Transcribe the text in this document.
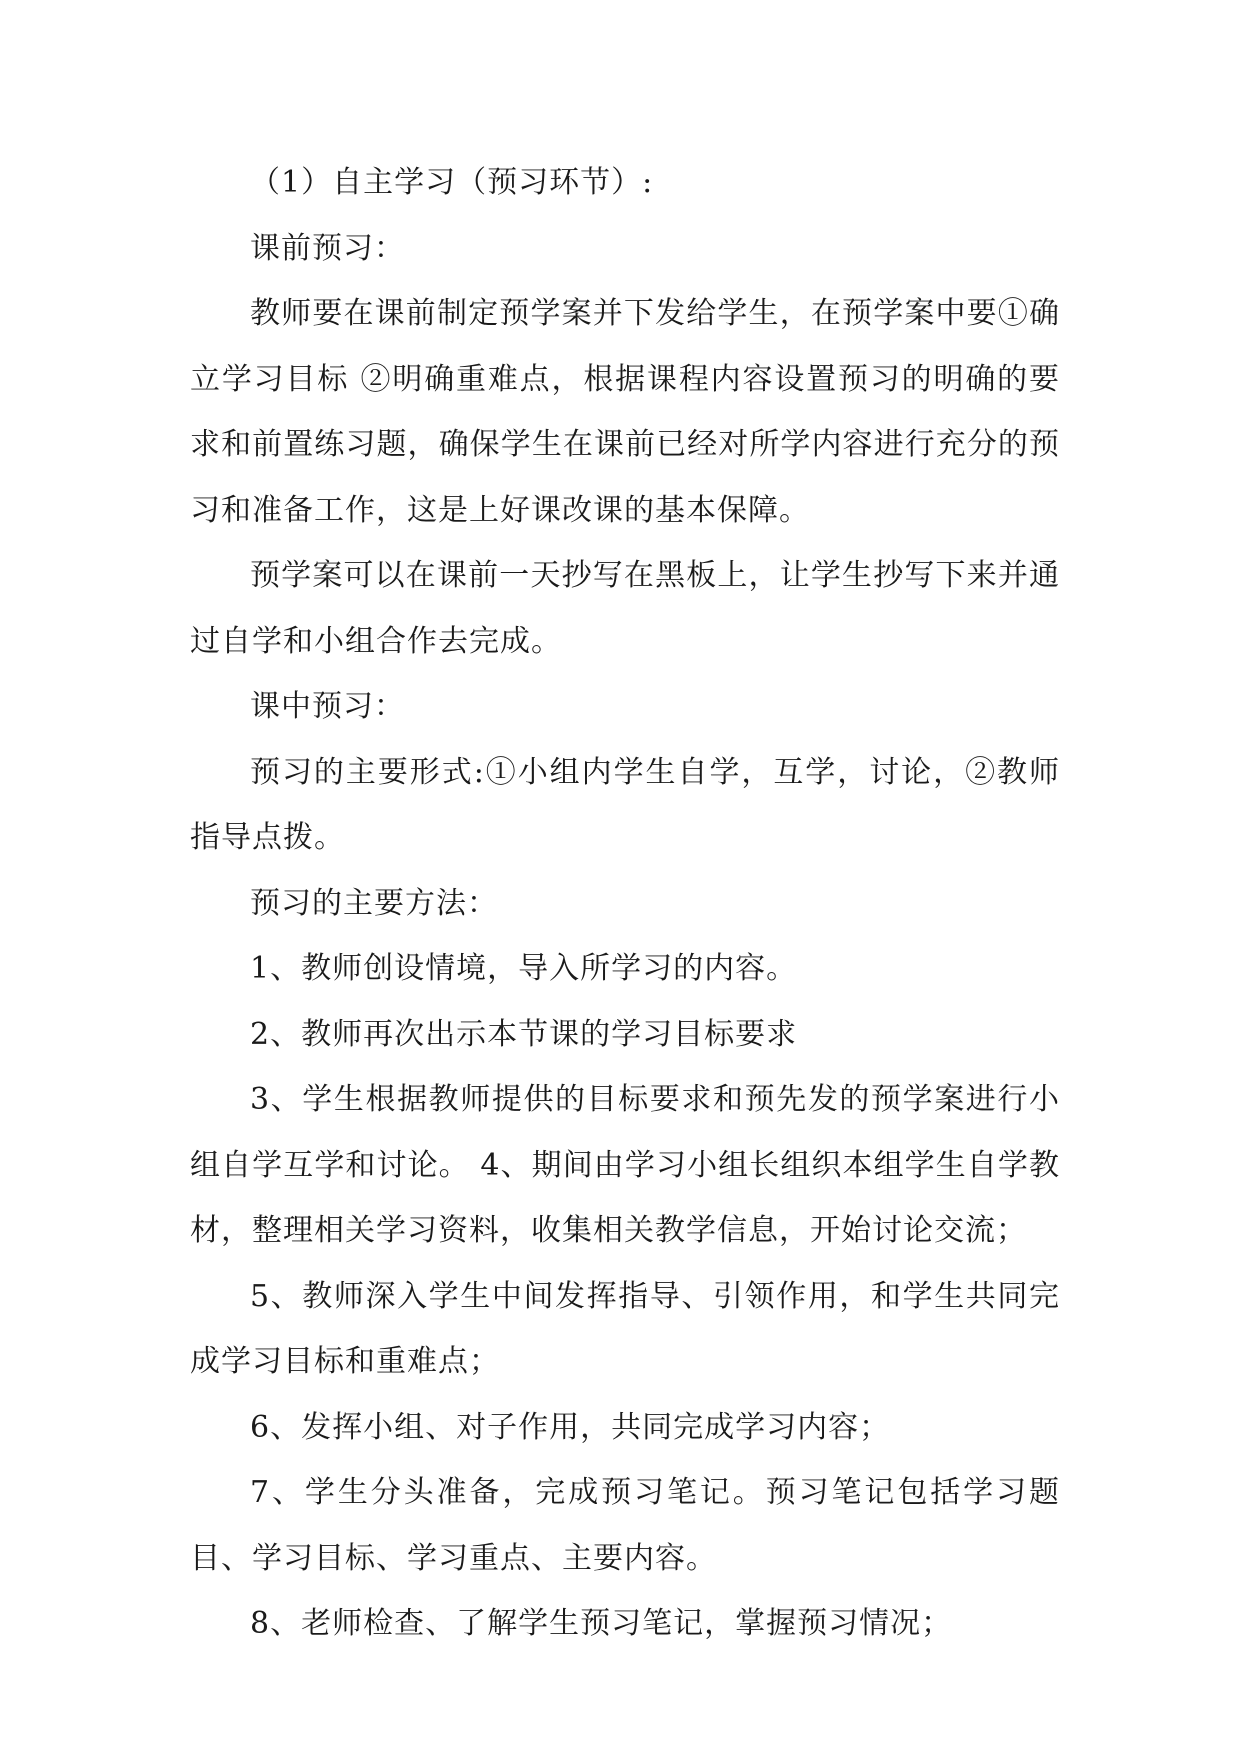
（1）自主学习（预习环节）:

课前预习：

教师要在课前制定预学案并下发给学生，在预学案中要①确立学习目标 ②明确重难点，根据课程内容设置预习的明确的要求和前置练习题，确保学生在课前已经对所学内容进行充分的预习和准备工作，这是上好课改课的基本保障。

预学案可以在课前一天抄写在黑板上，让学生抄写下来并通过自学和小组合作去完成。

课中预习：

预习的主要形式:①小组内学生自学，互学，讨论，②教师指导点拨。

预习的主要方法：

1、教师创设情境，导入所学习的内容。

2、教师再次出示本节课的学习目标要求

3、学生根据教师提供的目标要求和预先发的预学案进行小组自学互学和讨论。 4、期间由学习小组长组织本组学生自学教材，整理相关学习资料，收集相关教学信息，开始讨论交流；

5、教师深入学生中间发挥指导、引领作用，和学生共同完成学习目标和重难点；

6、发挥小组、对子作用，共同完成学习内容；

7、学生分头准备，完成预习笔记。预习笔记包括学习题目、学习目标、学习重点、主要内容。

8、老师检查、了解学生预习笔记，掌握预习情况；
